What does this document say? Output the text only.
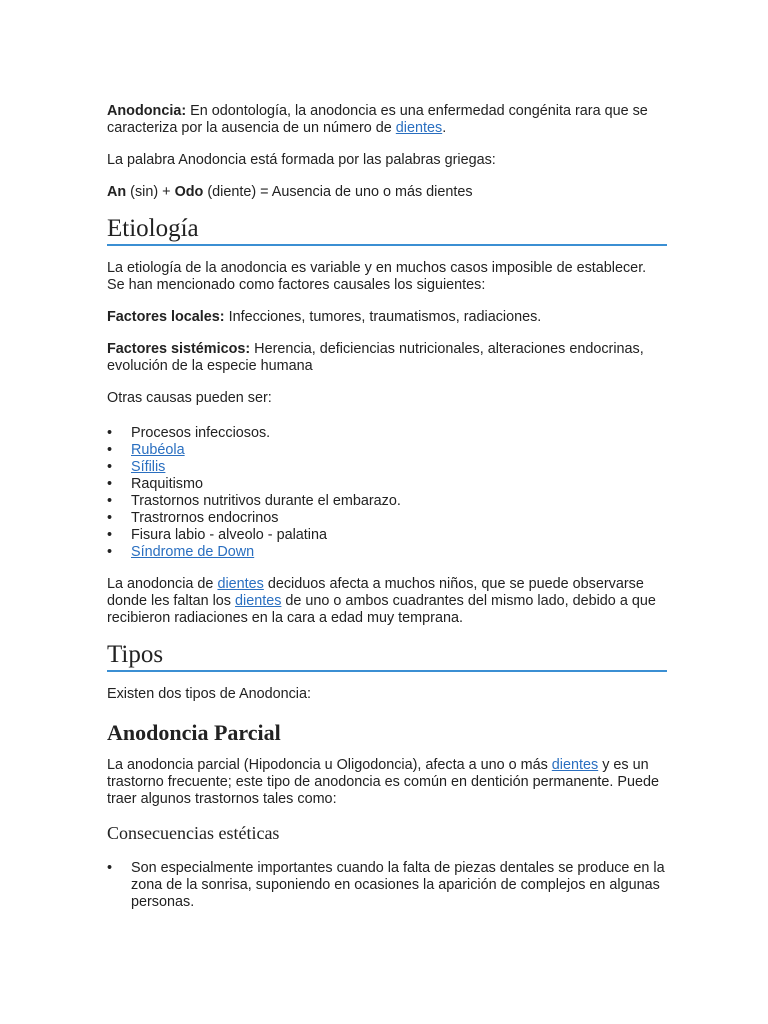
Anodoncia: En odontología, la anodoncia es una enfermedad congénita rara que se caracteriza por la ausencia de un número de dientes.

La palabra Anodoncia está formada por las palabras griegas:

An (sin) + Odo (diente) = Ausencia de uno o más dientes

Etiología

La etiología de la anodoncia es variable y en muchos casos imposible de establecer. Se han mencionado como factores causales los siguientes:

Factores locales: Infecciones, tumores, traumatismos, radiaciones.

Factores sistémicos: Herencia, deficiencias nutricionales, alteraciones endocrinas, evolución de la especie humana

Otras causas pueden ser:

• Procesos infecciosos.
• Rubéola
• Sífilis
• Raquitismo
• Trastornos nutritivos durante el embarazo.
• Trastrornos endocrinos
• Fisura labio - alveolo - palatina
• Síndrome de Down

La anodoncia de dientes deciduos afecta a muchos niños, que se puede observarse donde les faltan los dientes de uno o ambos cuadrantes del mismo lado, debido a que recibieron radiaciones en la cara a edad muy temprana.

Tipos

Existen dos tipos de Anodoncia:

Anodoncia Parcial

La anodoncia parcial (Hipodoncia u Oligodoncia), afecta a uno o más dientes y es un trastorno frecuente; este tipo de anodoncia es común en dentición permanente. Puede traer algunos trastornos tales como:

Consecuencias estéticas
• Son especialmente importantes cuando la falta de piezas dentales se produce en la zona de la sonrisa, suponiendo en ocasiones la aparición de complejos en algunas personas.
